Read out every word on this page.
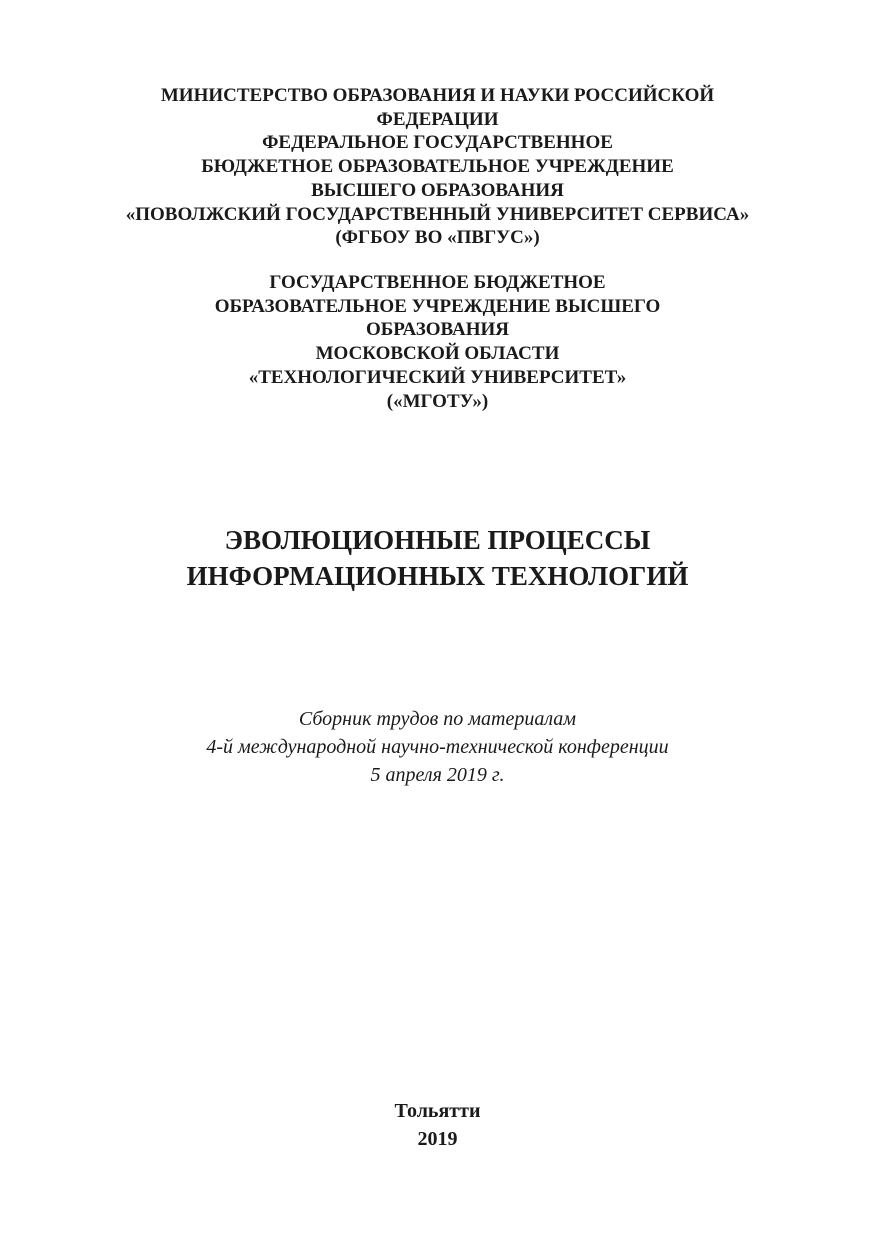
МИНИСТЕРСТВО ОБРАЗОВАНИЯ И НАУКИ РОССИЙСКОЙ
ФЕДЕРАЦИИ
ФЕДЕРАЛЬНОЕ ГОСУДАРСТВЕННОЕ
БЮДЖЕТНОЕ ОБРАЗОВАТЕЛЬНОЕ УЧРЕЖДЕНИЕ
ВЫСШЕГО ОБРАЗОВАНИЯ
«ПОВОЛЖСКИЙ ГОСУДАРСТВЕННЫЙ УНИВЕРСИТЕТ СЕРВИСА»
(ФГБОУ ВО «ПВГУС»)
ГОСУДАРСТВЕННОЕ БЮДЖЕТНОЕ
ОБРАЗОВАТЕЛЬНОЕ УЧРЕЖДЕНИЕ ВЫСШЕГО
ОБРАЗОВАНИЯ
МОСКОВСКОЙ ОБЛАСТИ
«ТЕХНОЛОГИЧЕСКИЙ УНИВЕРСИТЕТ»
(«МГОТУ»)
ЭВОЛЮЦИОННЫЕ ПРОЦЕССЫ
ИНФОРМАЦИОННЫХ ТЕХНОЛОГИЙ
Сборник трудов по материалам
4-й международной научно-технической конференции
5 апреля 2019 г.
Тольятти
2019
